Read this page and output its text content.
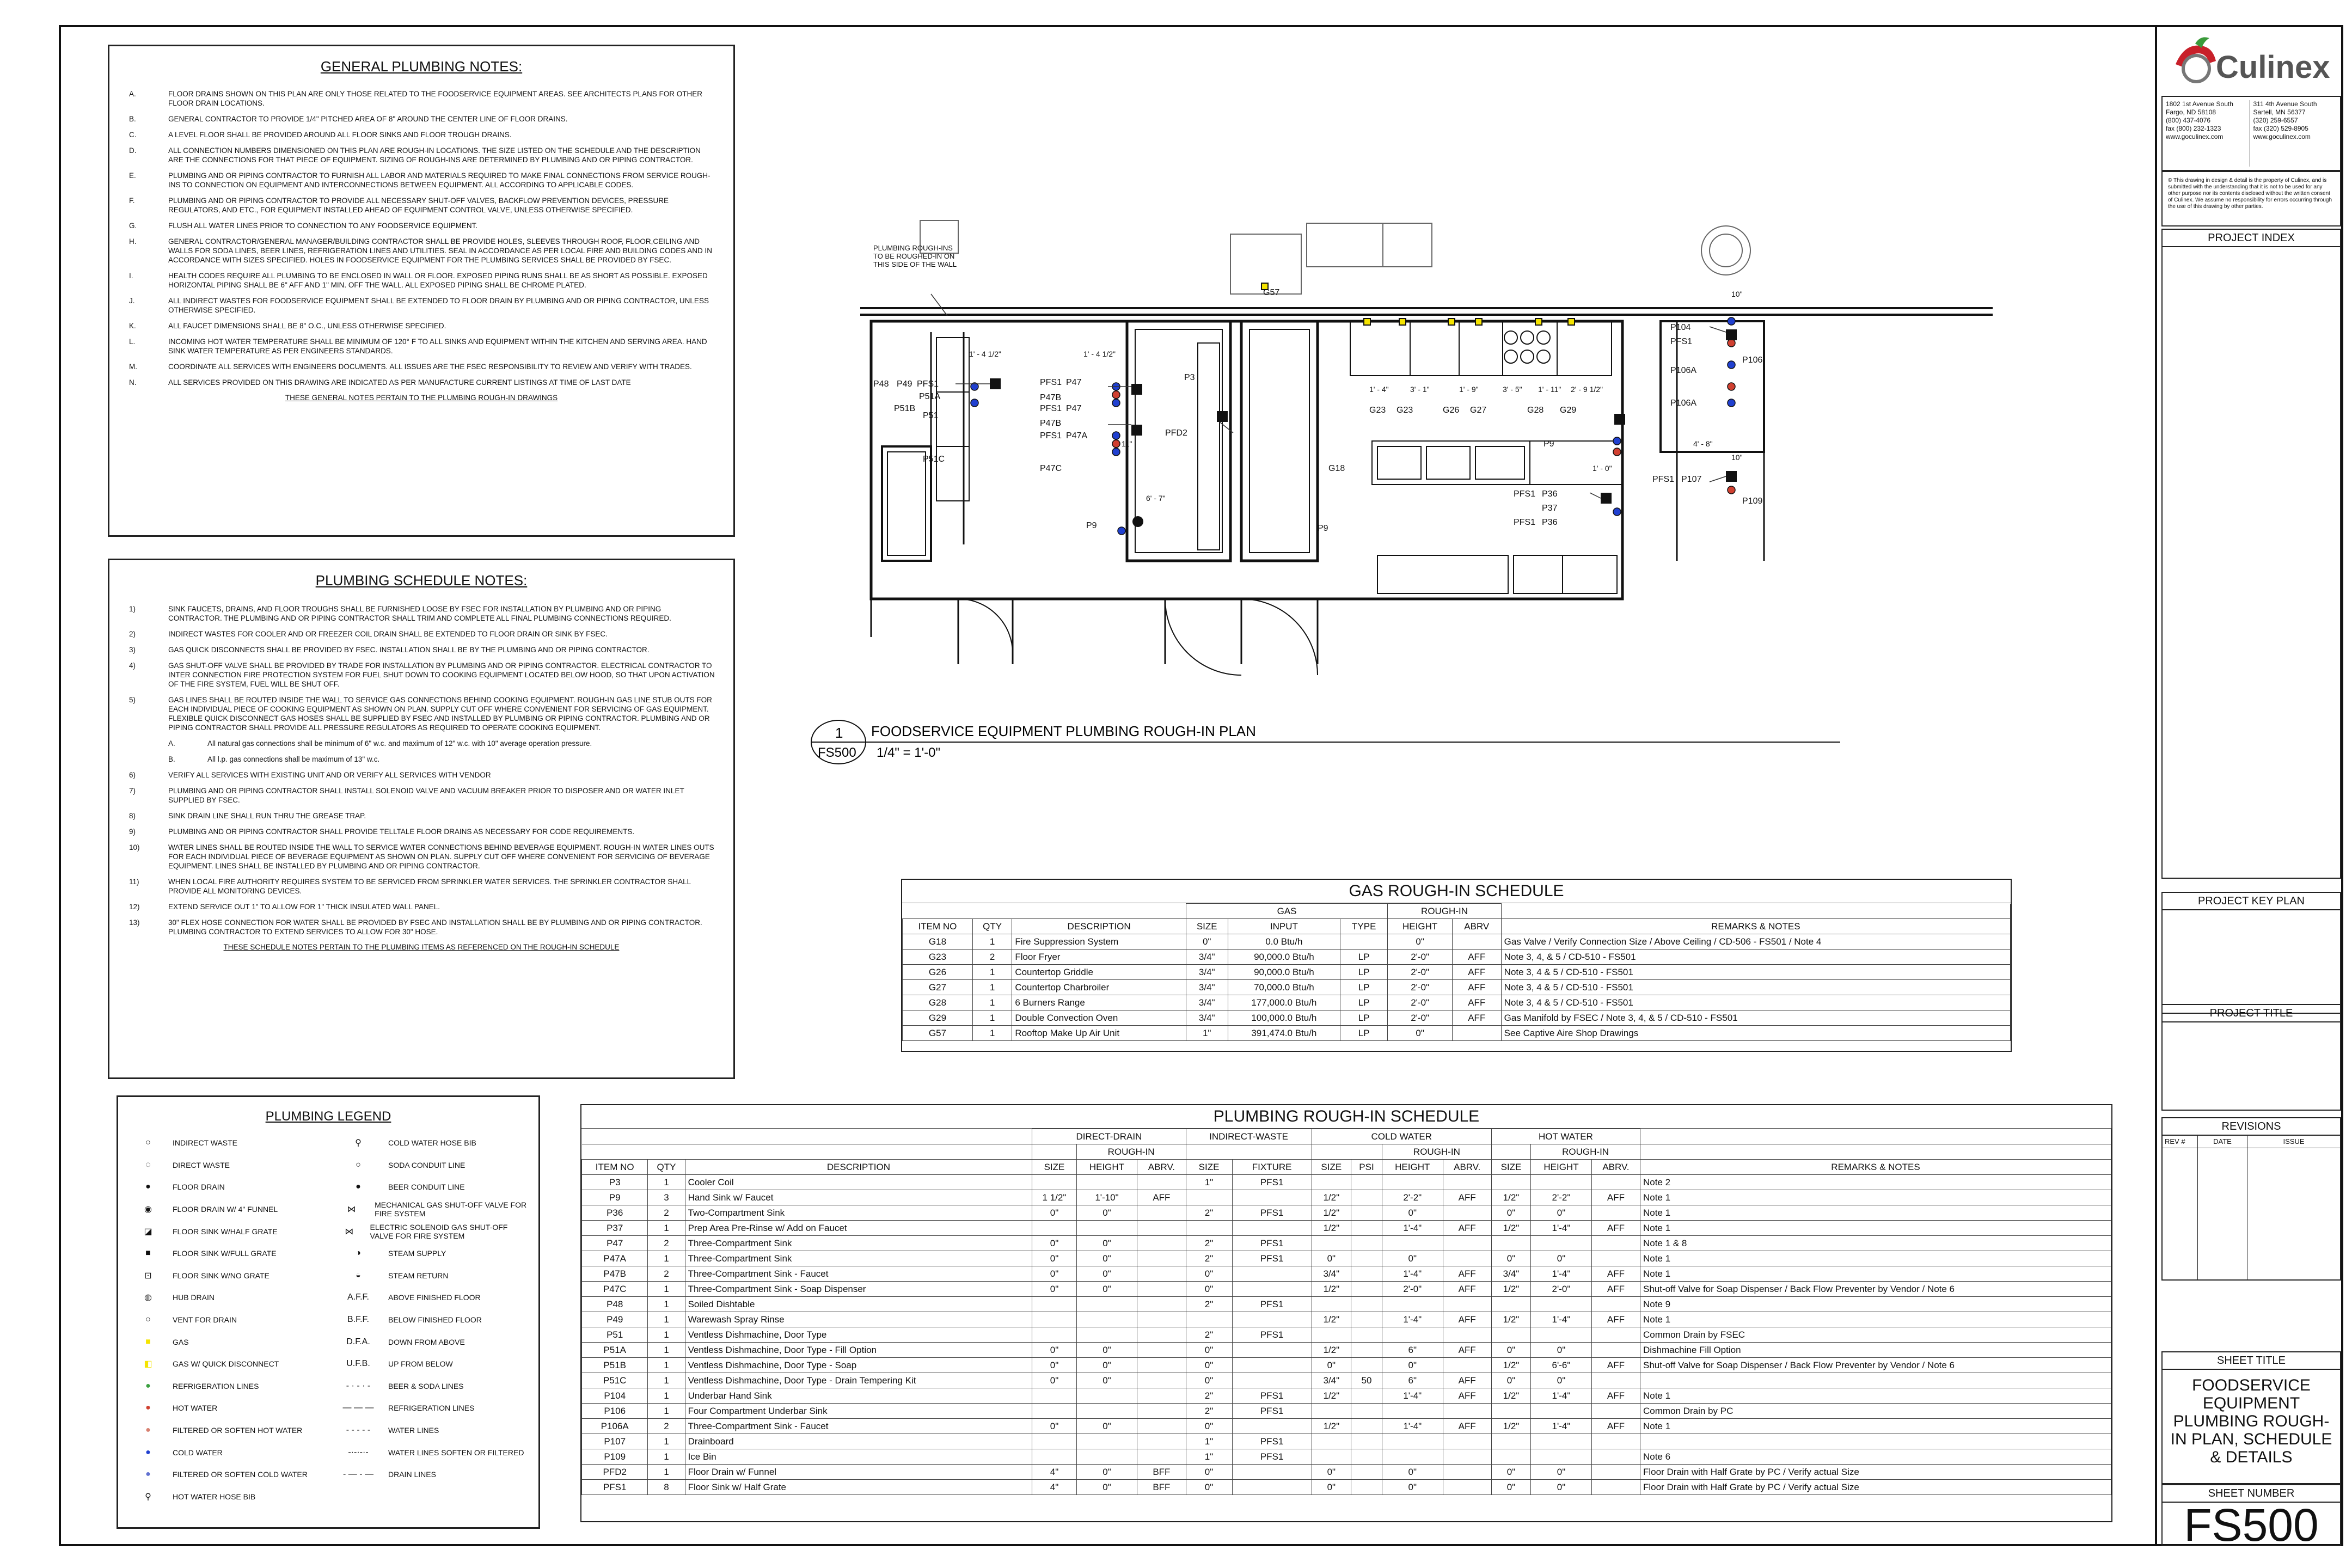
GENERAL PLUMBING NOTES:
A.	FLOOR DRAINS SHOWN ON THIS PLAN ARE ONLY THOSE RELATED TO THE FOODSERVICE EQUIPMENT AREAS. SEE ARCHITECTS PLANS FOR OTHER FLOOR DRAIN LOCATIONS.
B.	GENERAL CONTRACTOR TO PROVIDE 1/4" PITCHED AREA OF 8" AROUND THE CENTER LINE OF FLOOR DRAINS.
C.	A LEVEL FLOOR SHALL BE PROVIDED AROUND ALL FLOOR SINKS AND FLOOR TROUGH DRAINS.
D.	ALL CONNECTION NUMBERS DIMENSIONED ON THIS PLAN ARE ROUGH-IN LOCATIONS. THE SIZE LISTED ON THE SCHEDULE AND THE DESCRIPTION ARE THE CONNECTIONS FOR THAT PIECE OF EQUIPMENT. SIZING OF ROUGH-INS ARE DETERMINED BY PLUMBING AND OR PIPING CONTRACTOR.
E.	PLUMBING AND OR PIPING CONTRACTOR TO FURNISH ALL LABOR AND MATERIALS REQUIRED TO MAKE FINAL CONNECTIONS FROM SERVICE ROUGH-INS TO CONNECTION ON EQUIPMENT AND INTERCONNECTIONS BETWEEN EQUIPMENT. ALL ACCORDING TO APPLICABLE CODES.
F.	PLUMBING AND OR PIPING CONTRACTOR TO PROVIDE ALL NECESSARY SHUT-OFF VALVES, BACKFLOW PREVENTION DEVICES, PRESSURE REGULATORS, AND ETC., FOR EQUIPMENT INSTALLED AHEAD OF EQUIPMENT CONTROL VALVE, UNLESS OTHERWISE SPECIFIED.
G.	FLUSH ALL WATER LINES PRIOR TO CONNECTION TO ANY FOODSERVICE EQUIPMENT.
H.	GENERAL CONTRACTOR/GENERAL MANAGER/BUILDING CONTRACTOR SHALL BE PROVIDE HOLES, SLEEVES THROUGH ROOF, FLOOR,CEILING AND WALLS FOR SODA LINES, BEER LINES, REFRIGERATION LINES AND UTILITIES. SEAL IN ACCORDANCE AS PER LOCAL FIRE AND BUILDING CODES AND IN ACCORDANCE WITH SIZES SPECIFIED. HOLES IN FOODSERVICE EQUIPMENT FOR THE PLUMBING SERVICES SHALL BE PROVIDED BY FSEC.
I.	HEALTH CODES REQUIRE ALL PLUMBING TO BE ENCLOSED IN WALL OR FLOOR. EXPOSED PIPING RUNS SHALL BE AS SHORT AS POSSIBLE. EXPOSED HORIZONTAL PIPING SHALL BE 6" AFF AND 1" MIN. OFF THE WALL. ALL EXPOSED PIPING SHALL BE CHROME PLATED.
J.	ALL INDIRECT WASTES FOR FOODSERVICE EQUIPMENT SHALL BE EXTENDED TO FLOOR DRAIN BY PLUMBING AND OR PIPING CONTRACTOR, UNLESS OTHERWISE SPECIFIED.
K.	ALL FAUCET DIMENSIONS SHALL BE 8" O.C., UNLESS OTHERWISE SPECIFIED.
L.	INCOMING HOT WATER TEMPERATURE SHALL BE MINIMUM OF 120° F TO ALL SINKS AND EQUIPMENT WITHIN THE KITCHEN AND SERVING AREA. HAND SINK WATER TEMPERATURE AS PER ENGINEERS STANDARDS.
M.	COORDINATE ALL SERVICES WITH ENGINEERS DOCUMENTS. ALL ISSUES ARE THE FSEC RESPONSIBILITY TO REVIEW AND VERIFY WITH TRADES.
N.	ALL SERVICES PROVIDED ON THIS DRAWING ARE INDICATED AS PER MANUFACTURE CURRENT LISTINGS AT TIME OF LAST DATE
THESE GENERAL NOTES PERTAIN TO THE PLUMBING ROUGH-IN DRAWINGS
PLUMBING SCHEDULE NOTES:
1)	SINK FAUCETS, DRAINS, AND FLOOR TROUGHS SHALL BE FURNISHED LOOSE BY FSEC FOR INSTALLATION BY PLUMBING AND OR PIPING CONTRACTOR. THE PLUMBING AND OR PIPING CONTRACTOR SHALL TRIM AND COMPLETE ALL FINAL PLUMBING CONNECTIONS REQUIRED.
2)	INDIRECT WASTES FOR COOLER AND OR FREEZER COIL DRAIN SHALL BE EXTENDED TO FLOOR DRAIN OR SINK BY FSEC.
3)	GAS QUICK DISCONNECTS SHALL BE PROVIDED BY FSEC. INSTALLATION SHALL BE BY THE PLUMBING AND OR PIPING CONTRACTOR.
4)	GAS SHUT-OFF VALVE SHALL BE PROVIDED BY TRADE FOR INSTALLATION BY PLUMBING AND OR PIPING CONTRACTOR. ELECTRICAL CONTRACTOR TO INTER CONNECTION FIRE PROTECTION SYSTEM FOR FUEL SHUT DOWN TO COOKING EQUIPMENT LOCATED BELOW HOOD, SO THAT UPON ACTIVATION OF THE FIRE SYSTEM, FUEL WILL BE SHUT OFF.
5)	GAS LINES SHALL BE ROUTED INSIDE THE WALL TO SERVICE GAS CONNECTIONS BEHIND COOKING EQUIPMENT. ROUGH-IN GAS LINE STUB OUTS FOR EACH INDIVIDUAL PIECE OF COOKING EQUIPMENT AS SHOWN ON PLAN. SUPPLY CUT OFF WHERE CONVENIENT FOR SERVICING OF GAS EQUIPMENT. FLEXIBLE QUICK DISCONNECT GAS HOSES SHALL BE SUPPLIED BY FSEC AND INSTALLED BY PLUMBING OR PIPING CONTRACTOR. PLUMBING AND OR PIPING CONTRACTOR SHALL PROVIDE ALL PRESSURE REGULATORS AS REQUIRED TO OPERATE COOKING EQUIPMENT.
A.	All natural gas connections shall be minimum of 6" w.c. and maximum of 12" w.c. with 10" average operation pressure.
B.	All l.p. gas connections shall be maximum of 13" w.c.
6)	VERIFY ALL SERVICES WITH EXISTING UNIT AND OR VERIFY ALL SERVICES WITH VENDOR
7)	PLUMBING AND OR PIPING CONTRACTOR SHALL INSTALL SOLENOID VALVE AND VACUUM BREAKER PRIOR TO DISPOSER AND OR WATER INLET SUPPLIED BY FSEC.
8)	SINK DRAIN LINE SHALL RUN THRU THE GREASE TRAP.
9)	PLUMBING AND OR PIPING CONTRACTOR SHALL PROVIDE TELLTALE FLOOR DRAINS AS NECESSARY FOR CODE REQUIREMENTS.
10)	WATER LINES SHALL BE ROUTED INSIDE THE WALL TO SERVICE WATER CONNECTIONS BEHIND BEVERAGE EQUIPMENT. ROUGH-IN WATER LINES OUTS FOR EACH INDIVIDUAL PIECE OF BEVERAGE EQUIPMENT AS SHOWN ON PLAN. SUPPLY CUT OFF WHERE CONVENIENT FOR SERVICING OF BEVERAGE EQUIPMENT. LINES SHALL BE INSTALLED BY PLUMBING AND OR PIPING CONTRACTOR.
11)	WHEN LOCAL FIRE AUTHORITY REQUIRES SYSTEM TO BE SERVICED FROM SPRINKLER WATER SERVICES. THE SPRINKLER CONTRACTOR SHALL PROVIDE ALL MONITORING DEVICES.
12)	EXTEND SERVICE OUT 1" TO ALLOW FOR 1" THICK INSULATED WALL PANEL.
13)	30" FLEX HOSE CONNECTION FOR WATER SHALL BE PROVIDED BY FSEC AND INSTALLATION SHALL BE BY PLUMBING AND OR PIPING CONTRACTOR. PLUMBING CONTRACTOR TO EXTEND SERVICES TO ALLOW FOR 30" HOSE.
THESE SCHEDULE NOTES PERTAIN TO THE PLUMBING ITEMS AS REFERENCED ON THE ROUGH-IN SCHEDULE
PLUMBING LEGEND
○	INDIRECT WASTE
◌	DIRECT WASTE
●	FLOOR DRAIN
◉	FLOOR DRAIN W/ 4" FUNNEL
◪	FLOOR SINK W/HALF GRATE
■	FLOOR SINK W/FULL GRATE
⊡	FLOOR SINK W/NO GRATE
◍	HUB DRAIN
○	VENT FOR DRAIN
■	GAS
◧	GAS W/ QUICK DISCONNECT
●	REFRIGERATION LINES
●	HOT WATER
●	FILTERED OR SOFTEN HOT WATER
●	COLD WATER
●	FILTERED OR SOFTEN COLD WATER
⚲	HOT WATER HOSE BIB
⚲	COLD WATER HOSE BIB
○	SODA CONDUIT LINE
●	BEER CONDUIT LINE
⋈	MECHANICAL GAS SHUT-OFF VALVE FOR FIRE SYSTEM
⋈	ELECTRIC SOLENOID GAS SHUT-OFF VALVE FOR FIRE SYSTEM
◑	STEAM SUPPLY
◒	STEAM RETURN
A.F.F.	ABOVE FINISHED FLOOR
B.F.F.	BELOW FINISHED FLOOR
D.F.A.	DOWN FROM ABOVE
U.F.B.	UP FROM BELOW
- · - · -	BEER & SODA LINES
— — —	REFRIGERATION LINES
- - - - -	WATER LINES
-·-·-·-	WATER LINES SOFTEN OR FILTERED
- — - —	DRAIN LINES
PLUMBING ROUGH-INS
TO BE ROUGHED-IN ON
THIS SIDE OF THE WALL
G57
P3
PFD2
G18
P9
P9
P9
P47C
P51C
P48 P49 PFS1
P51A
P51B
P51
PFS1 P47
P47B
PFS1 P47
P47B
PFS1 P47A
G23 G23	G26 G27	G28 G29
PFS1 P36
P37
PFS1 P36
P104
PFS1
P106A
P106A
P106
PFS1 P107
P109
1' - 4 1/2"	1' - 4 1/2"
1' - 4"	3' - 1"	1' - 9"	3' - 5" 1' - 11" 2' - 9 1/2"
10"
10"
1' - 0"
11"
6' - 7"
4' - 8"
1
FS500
FOODSERVICE EQUIPMENT PLUMBING ROUGH-IN PLAN
1/4" = 1'-0"
GAS ROUGH-IN SCHEDULE
			GAS			ROUGH-IN		
ITEM NO	QTY	DESCRIPTION	SIZE	INPUT	TYPE	HEIGHT	ABRV	REMARKS & NOTES
G18	1	Fire Suppression System	0"	0.0 Btu/h		0"		Gas Valve / Verify Connection Size / Above Ceiling / CD-506 - FS501 / Note 4
G23	2	Floor Fryer	3/4"	90,000.0 Btu/h	LP	2'-0"	AFF	Note 3, 4, & 5 / CD-510 - FS501
G26	1	Countertop Griddle	3/4"	90,000.0 Btu/h	LP	2'-0"	AFF	Note 3, 4 & 5 / CD-510 - FS501
G27	1	Countertop Charbroiler	3/4"	70,000.0 Btu/h	LP	2'-0"	AFF	Note 3, 4 & 5 / CD-510 - FS501
G28	1	6 Burners Range	3/4"	177,000.0 Btu/h	LP	2'-0"	AFF	Note 3, 4 & 5 / CD-510 - FS501
G29	1	Double Convection Oven	3/4"	100,000.0 Btu/h	LP	2'-0"	AFF	Gas Manifold by FSEC / Note 3, 4, & 5 / CD-510 - FS501
G57	1	Rooftop Make Up Air Unit	1"	391,474.0 Btu/h	LP	0"		See Captive Aire Shop Drawings
PLUMBING ROUGH-IN SCHEDULE
			DIRECT-DRAIN			INDIRECT-WASTE		COLD WATER				HOT WATER			
				ROUGH-IN						ROUGH-IN			ROUGH-IN		
ITEM NO	QTY	DESCRIPTION	SIZE	HEIGHT	ABRV.	SIZE	FIXTURE	SIZE	PSI	HEIGHT	ABRV.	SIZE	HEIGHT	ABRV.	REMARKS & NOTES
P3	1	Cooler Coil				1"	PFS1								Note 2
P9	3	Hand Sink w/ Faucet	1 1/2"	1'-10"	AFF			1/2"		2'-2"	AFF	1/2"	2'-2"	AFF	Note 1
P36	2	Two-Compartment Sink	0"	0"		2"	PFS1	1/2"		0"		0"	0"		Note 1
P37	1	Prep Area Pre-Rinse w/ Add on Faucet						1/2"		1'-4"	AFF	1/2"	1'-4"	AFF	Note 1
P47	2	Three-Compartment Sink	0"	0"		2"	PFS1								Note 1 & 8
P47A	1	Three-Compartment Sink	0"	0"		2"	PFS1	0"		0"		0"	0"		Note 1
P47B	2	Three-Compartment Sink - Faucet	0"	0"		0"		3/4"		1'-4"	AFF	3/4"	1'-4"	AFF	Note 1
P47C	1	Three-Compartment Sink - Soap Dispenser	0"	0"		0"		1/2"		2'-0"	AFF	1/2"	2'-0"	AFF	Shut-off Valve for Soap Dispenser / Back Flow Preventer by Vendor / Note 6
P48	1	Soiled Dishtable				2"	PFS1								Note 9
P49	1	Warewash Spray Rinse						1/2"		1'-4"	AFF	1/2"	1'-4"	AFF	Note 1
P51	1	Ventless Dishmachine, Door Type				2"	PFS1								Common Drain by FSEC
P51A	1	Ventless Dishmachine, Door Type - Fill Option	0"	0"		0"		1/2"		6"	AFF	0"	0"		Dishmachine Fill Option
P51B	1	Ventless Dishmachine, Door Type - Soap	0"	0"		0"		0"		0"		1/2"	6'-6"	AFF	Shut-off Valve for Soap Dispenser / Back Flow Preventer by Vendor / Note 6
P51C	1	Ventless Dishmachine, Door Type - Drain Tempering Kit	0"	0"		0"		3/4"	50	6"	AFF	0"	0"		
P104	1	Underbar Hand Sink				2"	PFS1	1/2"		1'-4"	AFF	1/2"	1'-4"	AFF	Note 1
P106	1	Four Compartment Underbar Sink				2"	PFS1								Common Drain by PC
P106A	2	Three-Compartment Sink - Faucet	0"	0"		0"		1/2"		1'-4"	AFF	1/2"	1'-4"	AFF	Note 1
P107	1	Drainboard				1"	PFS1								
P109	1	Ice Bin				1"	PFS1								Note 6
PFD2	1	Floor Drain w/ Funnel	4"	0"	BFF	0"		0"		0"		0"	0"		Floor Drain with Half Grate by PC / Verify actual Size
PFS1	8	Floor Sink w/ Half Grate	4"	0"	BFF	0"		0"		0"		0"	0"		Floor Drain with Half Grate by PC / Verify actual Size
Culinex
1802 1st Avenue South
Fargo, ND 58108
(800) 437-4076
fax (800) 232-1323
www.goculinex.com
311 4th Avenue South
Sartell, MN 56377
(320) 259-6557
fax (320) 529-8905
www.goculinex.com
© This drawing in design & detail is the property of Culinex, and is submitted with the understanding that it is not to be used for any other purpose nor its contents disclosed without the written consent of Culinex. We assume no responsibility for errors occurring through the use of this drawing by other parties.
PROJECT INDEX
PROJECT KEY PLAN
PROJECT TITLE
REVISIONS
REV #	DATE	ISSUE
SHEET TITLE
FOODSERVICE EQUIPMENT PLUMBING ROUGH-IN PLAN, SCHEDULE & DETAILS
SHEET NUMBER
FS500
